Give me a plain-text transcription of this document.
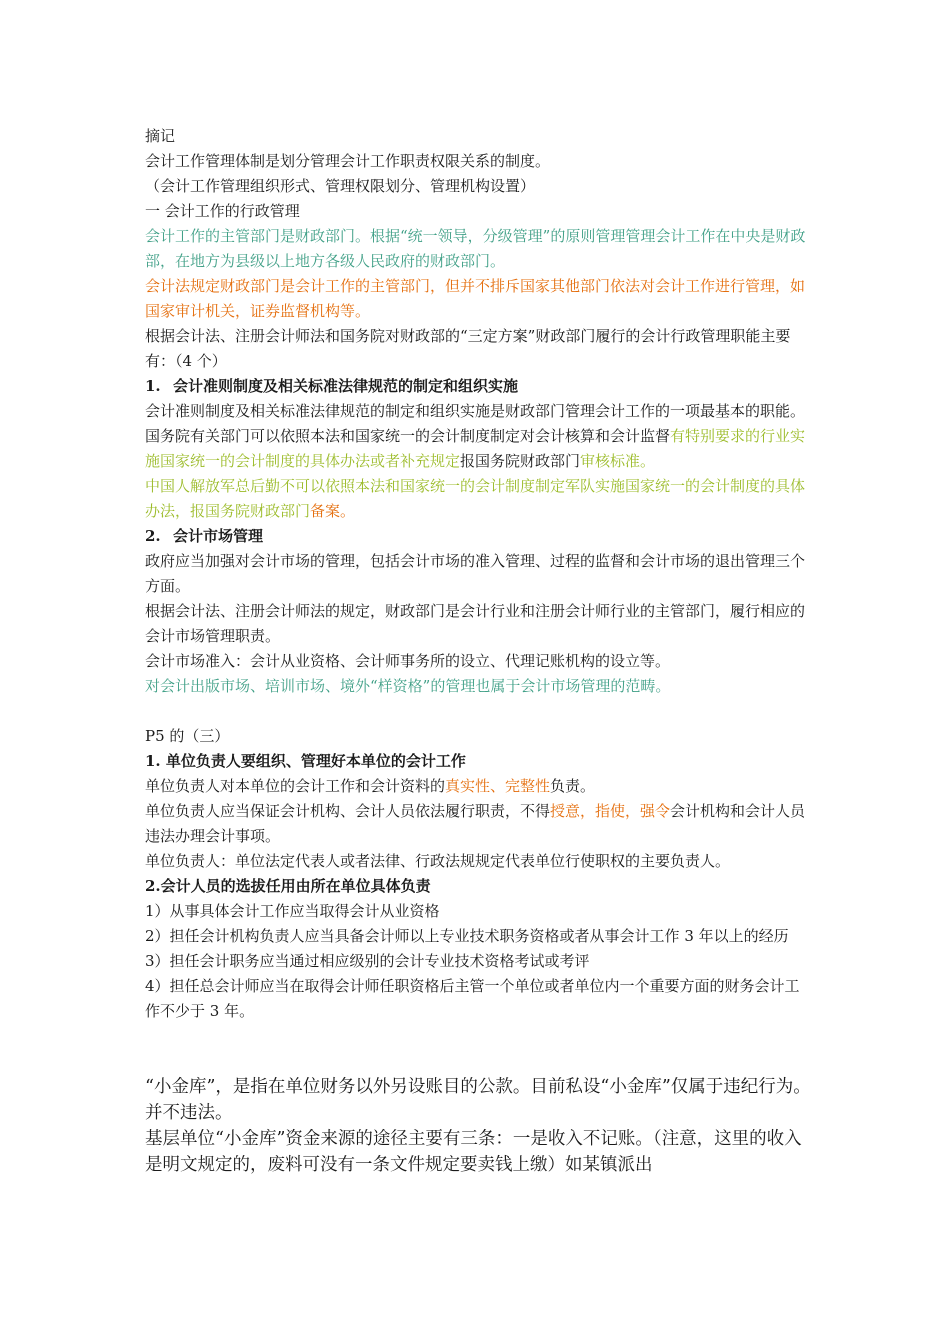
摘记

会计工作管理体制是划分管理会计工作职责权限关系的制度。

（会计工作管理组织形式、管理权限划分、管理机构设置）

一 会计工作的行政管理

会计工作的主管部门是财政部门。根据“统一领导，分级管理”的原则管理管理会计工作在中央是财政部，在地方为县级以上地方各级人民政府的财政部门。

会计法规定财政部门是会计工作的主管部门，但并不排斥国家其他部门依法对会计工作进行管理，如国家审计机关，证券监督机构等。

根据会计法、注册会计师法和国务院对财政部的“三定方案”财政部门履行的会计行政管理职能主要有：（4 个）

1. 会计准则制度及相关标准法律规范的制定和组织实施

会计准则制度及相关标准法律规范的制定和组织实施是财政部门管理会计工作的一项最基本的职能。

国务院有关部门可以依照本法和国家统一的会计制度制定对会计核算和会计监督有特别要求的行业实施国家统一的会计制度的具体办法或者补充规定报国务院财政部门审核标准。

中国人解放军总后勤不可以依照本法和国家统一的会计制度制定军队实施国家统一的会计制度的具体办法，报国务院财政部门备案。

2. 会计市场管理

政府应当加强对会计市场的管理，包括会计市场的准入管理、过程的监督和会计市场的退出管理三个方面。

根据会计法、注册会计师法的规定，财政部门是会计行业和注册会计师行业的主管部门，履行相应的会计市场管理职责。

会计市场准入：会计从业资格、会计师事务所的设立、代理记账机构的设立等。

对会计出版市场、培训市场、境外“样资格”的管理也属于会计市场管理的范畴。

P5 的（三）

1. 单位负责人要组织、管理好本单位的会计工作

单位负责人对本单位的会计工作和会计资料的真实性、完整性负责。

单位负责人应当保证会计机构、会计人员依法履行职责，不得授意，指使，强令会计机构和会计人员违法办理会计事项。

单位负责人：单位法定代表人或者法律、行政法规规定代表单位行使职权的主要负责人。

2.会计人员的选拔任用由所在单位具体负责

1）从事具体会计工作应当取得会计从业资格

2）担任会计机构负责人应当具备会计师以上专业技术职务资格或者从事会计工作 3 年以上的经历

3）担任会计职务应当通过相应级别的会计专业技术资格考试或考评

4）担任总会计师应当在取得会计师任职资格后主管一个单位或者单位内一个重要方面的财务会计工作不少于 3 年。

“小金库”，是指在单位财务以外另设账目的公款。目前私设“小金库”仅属于违纪行为。并不违法。

基层单位“小金库”资金来源的途径主要有三条：一是收入不记账。（注意，这里的收入是明文规定的，废料可没有一条文件规定要卖钱上缴）如某镇派出
